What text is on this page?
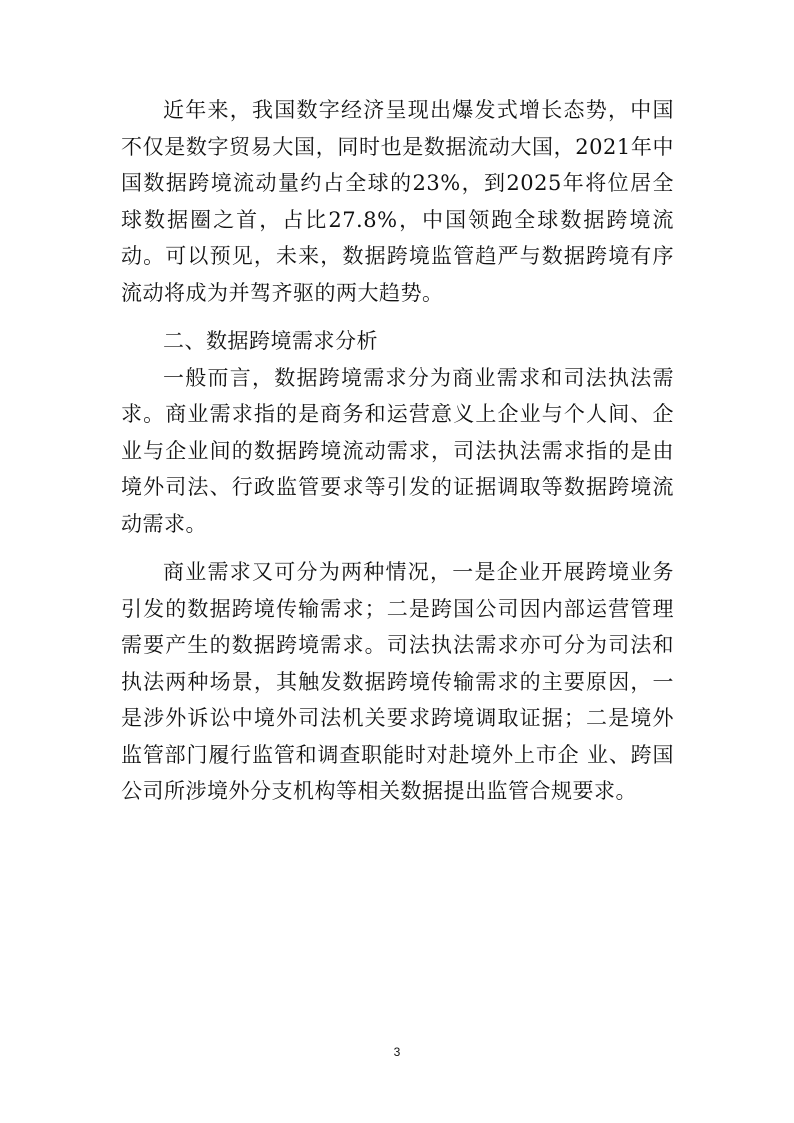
近年来，我国数字经济呈现出爆发式增长态势，中国不仅是数字贸易大国，同时也是数据流动大国，2021年中国数据跨境流动量约占全球的23%，到2025年将位居全球数据圈之首，占比27.8%，中国领跑全球数据跨境流动。可以预见，未来，数据跨境监管趋严与数据跨境有序流动将成为并驾齐驱的两大趋势。

二、数据跨境需求分析

一般而言，数据跨境需求分为商业需求和司法执法需求。商业需求指的是商务和运营意义上企业与个人间、企业与企业间的数据跨境流动需求，司法执法需求指的是由境外司法、行政监管要求等引发的证据调取等数据跨境流动需求。

商业需求又可分为两种情况，一是企业开展跨境业务引发的数据跨境传输需求；二是跨国公司因内部运营管理需要产生的数据跨境需求。司法执法需求亦可分为司法和执法两种场景，其触发数据跨境传输需求的主要原因，一是涉外诉讼中境外司法机关要求跨境调取证据；二是境外监管部门履行监管和调查职能时对赴境外上市企 业、跨国公司所涉境外分支机构等相关数据提出监管合规要求。

3
